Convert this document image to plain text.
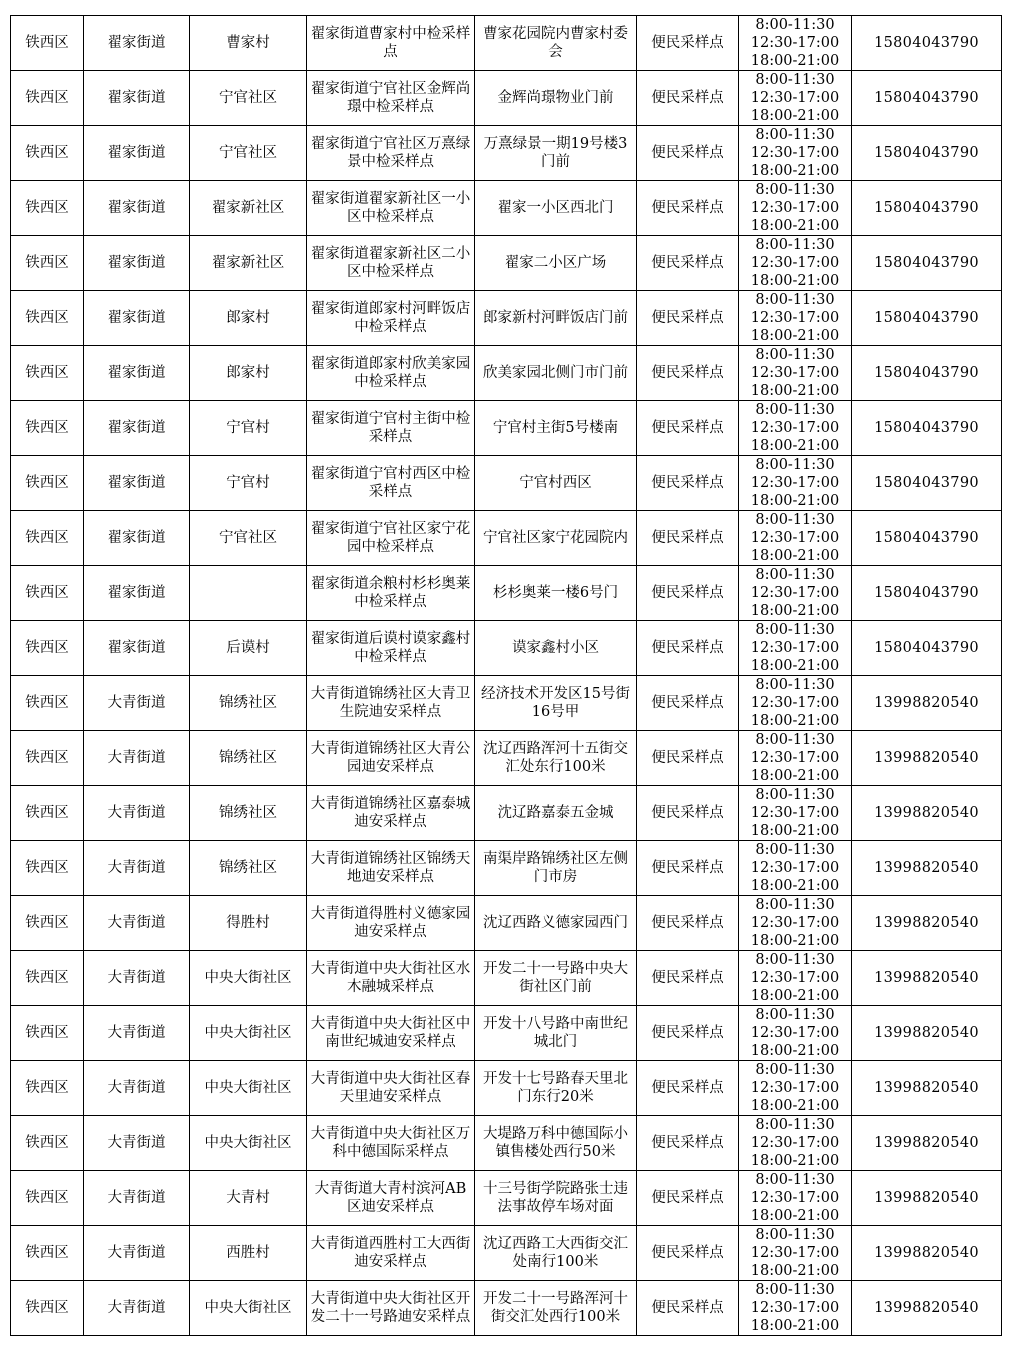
铁西区	翟家街道	曹家村	翟家街道曹家村中检采样点	曹家花园院内曹家村委会	便民采样点	8:00-11:30
12:30-17:00
18:00-21:00	15804043790
铁西区	翟家街道	宁官社区	翟家街道宁官社区金辉尚璟中检采样点	金辉尚璟物业门前	便民采样点	8:00-11:30
12:30-17:00
18:00-21:00	15804043790
铁西区	翟家街道	宁官社区	翟家街道宁官社区万熹绿景中检采样点	万熹绿景一期19号楼3门前	便民采样点	8:00-11:30
12:30-17:00
18:00-21:00	15804043790
铁西区	翟家街道	翟家新社区	翟家街道翟家新社区一小区中检采样点	翟家一小区西北门	便民采样点	8:00-11:30
12:30-17:00
18:00-21:00	15804043790
铁西区	翟家街道	翟家新社区	翟家街道翟家新社区二小区中检采样点	翟家二小区广场	便民采样点	8:00-11:30
12:30-17:00
18:00-21:00	15804043790
铁西区	翟家街道	郎家村	翟家街道郎家村河畔饭店中检采样点	郎家新村河畔饭店门前	便民采样点	8:00-11:30
12:30-17:00
18:00-21:00	15804043790
铁西区	翟家街道	郎家村	翟家街道郎家村欣美家园中检采样点	欣美家园北侧门市门前	便民采样点	8:00-11:30
12:30-17:00
18:00-21:00	15804043790
铁西区	翟家街道	宁官村	翟家街道宁官村主街中检采样点	宁官村主街5号楼南	便民采样点	8:00-11:30
12:30-17:00
18:00-21:00	15804043790
铁西区	翟家街道	宁官村	翟家街道宁官村西区中检采样点	宁官村西区	便民采样点	8:00-11:30
12:30-17:00
18:00-21:00	15804043790
铁西区	翟家街道	宁官社区	翟家街道宁官社区家宁花园中检采样点	宁官社区家宁花园院内	便民采样点	8:00-11:30
12:30-17:00
18:00-21:00	15804043790
铁西区	翟家街道		翟家街道余粮村杉杉奥莱中检采样点	杉杉奥莱一楼6号门	便民采样点	8:00-11:30
12:30-17:00
18:00-21:00	15804043790
铁西区	翟家街道	后谟村	翟家街道后谟村谟家鑫村中检采样点	谟家鑫村小区	便民采样点	8:00-11:30
12:30-17:00
18:00-21:00	15804043790
铁西区	大青街道	锦绣社区	大青街道锦绣社区大青卫生院迪安采样点	经济技术开发区15号街16号甲	便民采样点	8:00-11:30
12:30-17:00
18:00-21:00	13998820540
铁西区	大青街道	锦绣社区	大青街道锦绣社区大青公园迪安采样点	沈辽西路浑河十五街交汇处东行100米	便民采样点	8:00-11:30
12:30-17:00
18:00-21:00	13998820540
铁西区	大青街道	锦绣社区	大青街道锦绣社区嘉泰城迪安采样点	沈辽路嘉泰五金城	便民采样点	8:00-11:30
12:30-17:00
18:00-21:00	13998820540
铁西区	大青街道	锦绣社区	大青街道锦绣社区锦绣天地迪安采样点	南渠岸路锦绣社区左侧门市房	便民采样点	8:00-11:30
12:30-17:00
18:00-21:00	13998820540
铁西区	大青街道	得胜村	大青街道得胜村义德家园迪安采样点	沈辽西路义德家园西门	便民采样点	8:00-11:30
12:30-17:00
18:00-21:00	13998820540
铁西区	大青街道	中央大街社区	大青街道中央大街社区水木融城采样点	开发二十一号路中央大街社区门前	便民采样点	8:00-11:30
12:30-17:00
18:00-21:00	13998820540
铁西区	大青街道	中央大街社区	大青街道中央大街社区中南世纪城迪安采样点	开发十八号路中南世纪城北门	便民采样点	8:00-11:30
12:30-17:00
18:00-21:00	13998820540
铁西区	大青街道	中央大街社区	大青街道中央大街社区春天里迪安采样点	开发十七号路春天里北门东行20米	便民采样点	8:00-11:30
12:30-17:00
18:00-21:00	13998820540
铁西区	大青街道	中央大街社区	大青街道中央大街社区万科中德国际采样点	大堤路万科中德国际小镇售楼处西行50米	便民采样点	8:00-11:30
12:30-17:00
18:00-21:00	13998820540
铁西区	大青街道	大青村	大青街道大青村滨河AB区迪安采样点	十三号街学院路张士违法事故停车场对面	便民采样点	8:00-11:30
12:30-17:00
18:00-21:00	13998820540
铁西区	大青街道	西胜村	大青街道西胜村工大西街迪安采样点	沈辽西路工大西街交汇处南行100米	便民采样点	8:00-11:30
12:30-17:00
18:00-21:00	13998820540
铁西区	大青街道	中央大街社区	大青街道中央大街社区开发二十一号路迪安采样点	开发二十一号路浑河十街交汇处西行100米	便民采样点	8:00-11:30
12:30-17:00
18:00-21:00	13998820540
